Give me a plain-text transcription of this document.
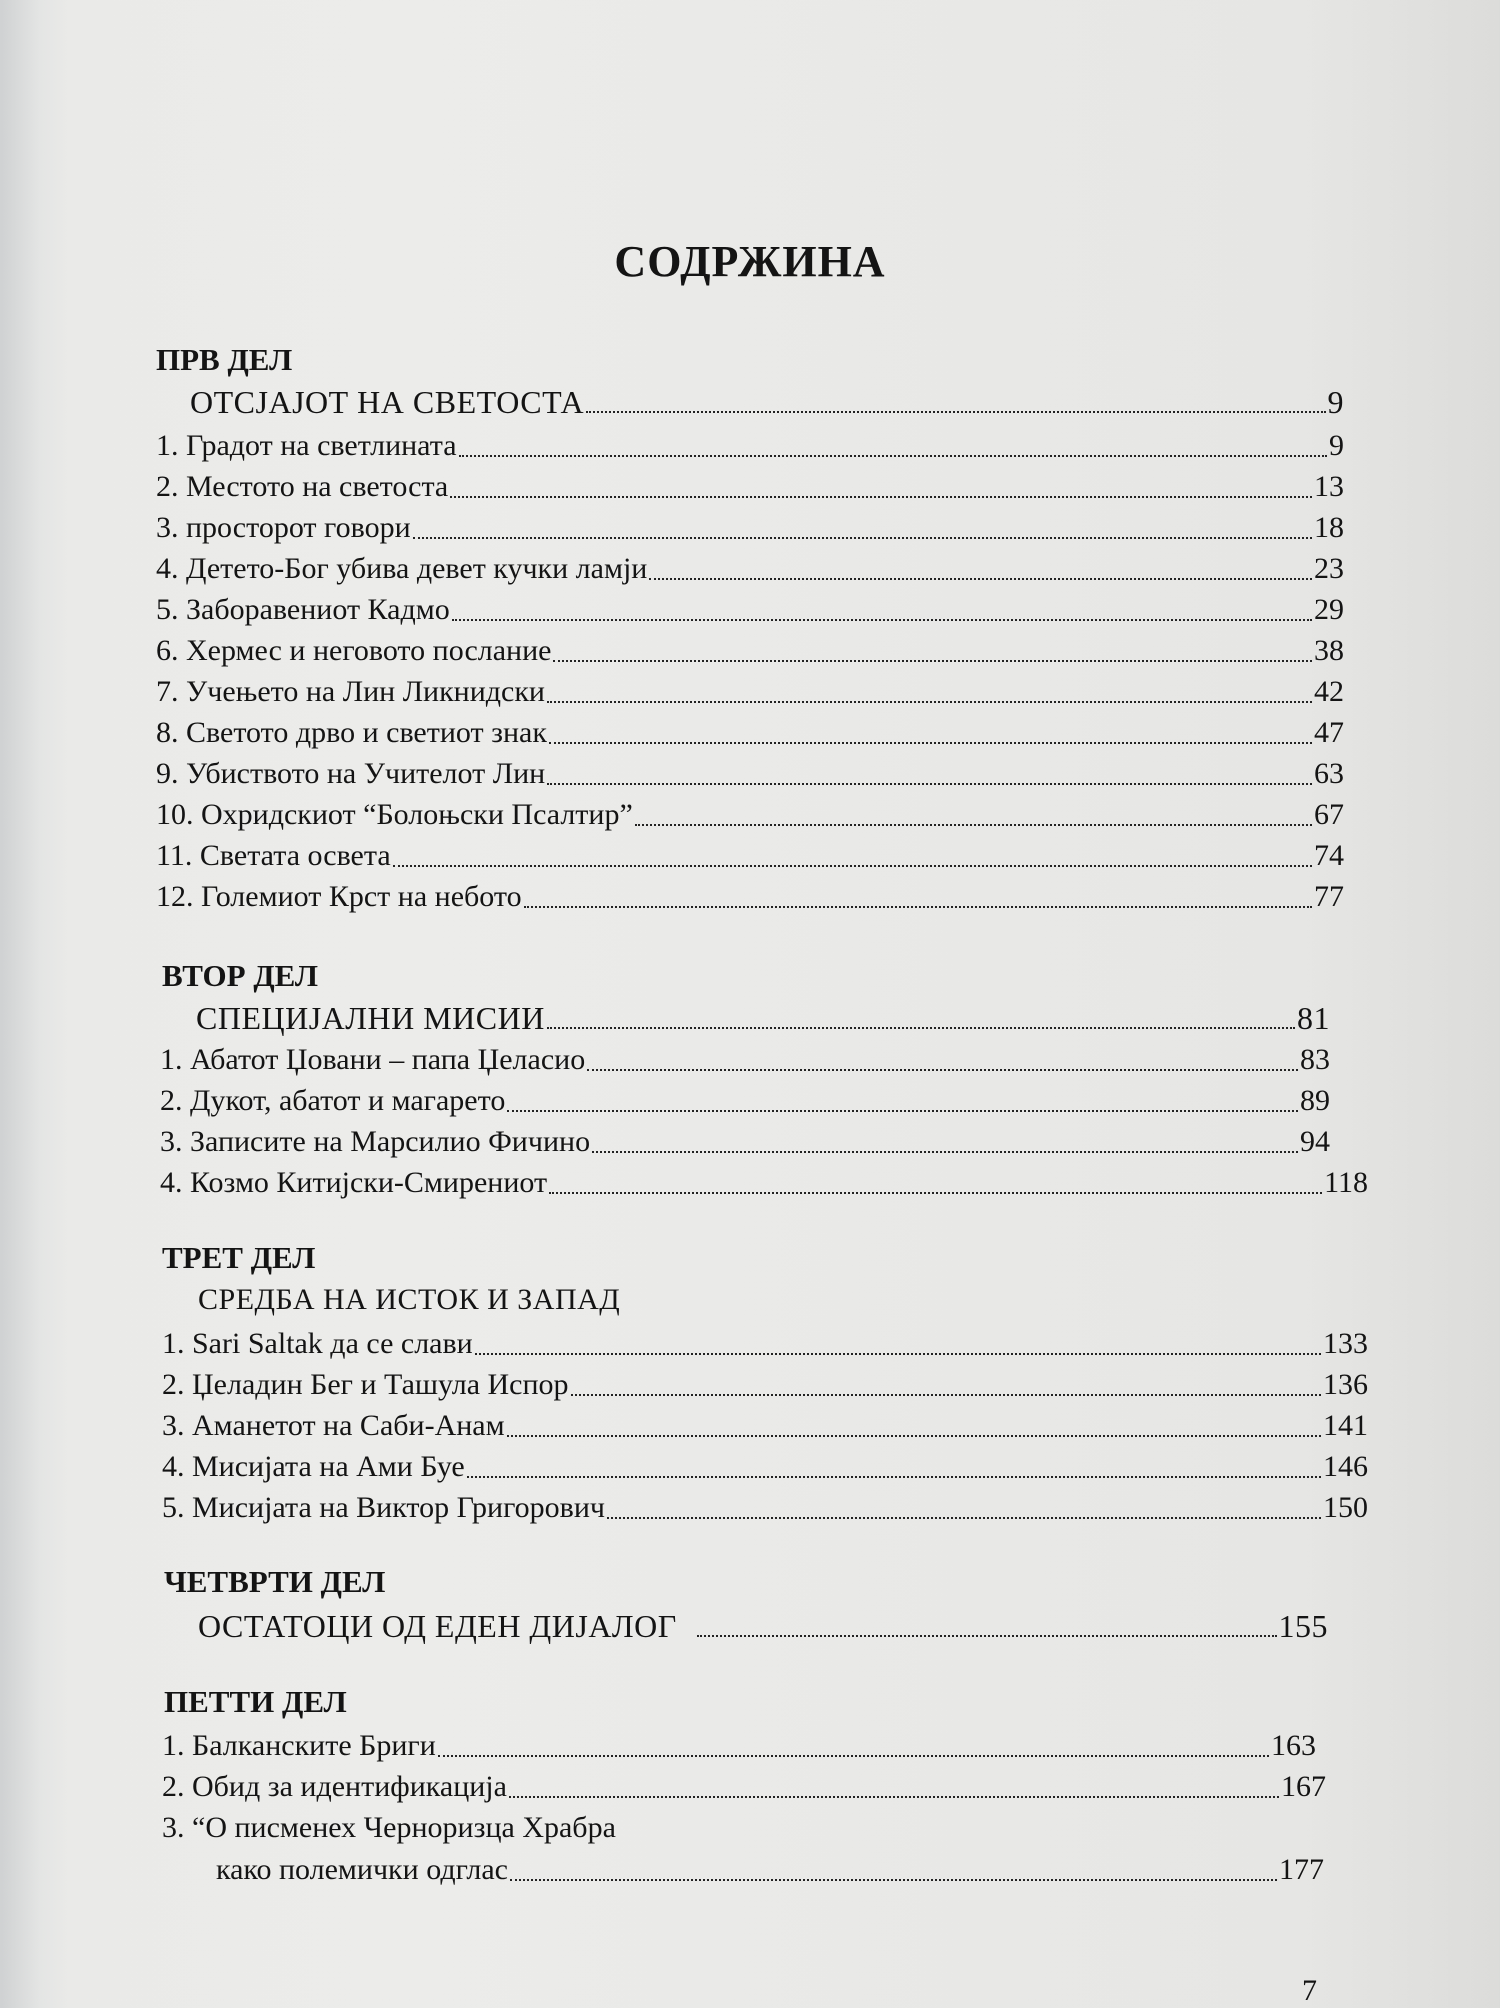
СОДРЖИНА
ПРВ ДЕЛ
ОТСЈАЈОТ НА СВЕТОСТА	9
1. Градот на светлината	9
2. Местото на светоста	13
3. просторот говори	18
4. Детето-Бог убива девет кучки ламји	23
5. Заборавениот Кадмо	29
6. Хермес и неговото послание	38
7. Учењето на Лин Ликнидски	42
8. Светото дрво и светиот знак	47
9. Убиството на Учителот Лин	63
10. Охридскиот “Болоњски Псалтир”	67
11. Светата освета	74
12. Големиот Крст на небото	77
ВТОР ДЕЛ
СПЕЦИЈАЛНИ МИСИИ	81
1. Абатот Џовани – папа Џеласио	83
2. Дукот, абатот и магарето	89
3. Записите на Марсилио Фичино	94
4. Козмо Китијски-Смирениот	118
ТРЕТ ДЕЛ
СРЕДБА НА ИСТОК И ЗАПАД
1. Sari Saltak да се слави	133
2. Џеладин Бег и Ташула Испор	136
3. Аманетот на Саби-Анам	141
4. Мисијата на Ами Буе	146
5. Мисијата на Виктор Григорович	150
ЧЕТВРТИ ДЕЛ
ОСТАТОЦИ ОД ЕДЕН ДИЈАЛОГ	155
ПЕТТИ ДЕЛ
1. Балканските Бриги	163
2. Обид за идентификација	167
3. “О писменех Черноризца Храбра
како полемички одглас	177
7
